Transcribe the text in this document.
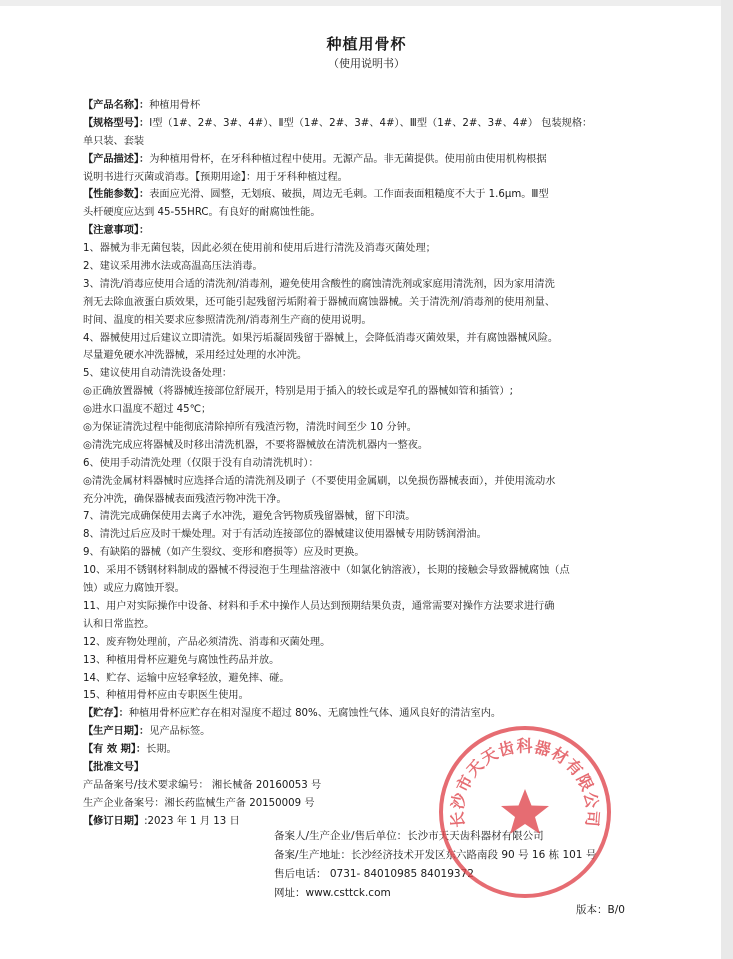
种植用骨杯
（使用说明书）
【产品名称】：种植用骨杯
【规格型号】：Ⅰ型（1#、2#、3#、4#）、Ⅱ型（1#、2#、3#、4#）、Ⅲ型（1#、2#、3#、4#） 包装规格：
单只装、套装
【产品描述】：为种植用骨杯，在牙科种植过程中使用。无源产品。非无菌提供。使用前由使用机构根据
说明书进行灭菌或消毒。【预期用途】：用于牙科种植过程。
【性能参数】：表面应光滑、圆整，无划痕、破损，周边无毛刺。工作面表面粗糙度不大于 1.6μm。Ⅲ型
头杆硬度应达到 45-55HRC。有良好的耐腐蚀性能。
【注意事项】：
1、器械为非无菌包装，因此必须在使用前和使用后进行清洗及消毒灭菌处理；
2、建议采用沸水法或高温高压法消毒。
3、清洗/消毒应使用合适的清洗剂/消毒剂，避免使用含酸性的腐蚀清洗剂或家庭用清洗剂，因为家用清洗
剂无去除血液蛋白质效果，还可能引起残留污垢附着于器械而腐蚀器械。关于清洗剂/消毒剂的使用剂量、
时间、温度的相关要求应参照清洗剂/消毒剂生产商的使用说明。
4、器械使用过后建议立即清洗。如果污垢凝固残留于器械上，会降低消毒灭菌效果，并有腐蚀器械风险。
尽量避免硬水冲洗器械，采用经过处理的水冲洗。
5、建议使用自动清洗设备处理：
◎正确放置器械（将器械连接部位舒展开，特别是用于插入的较长或是窄孔的器械如管和插管）;
◎进水口温度不超过 45℃；
◎为保证清洗过程中能彻底清除掉所有残渣污物，清洗时间至少 10 分钟。
◎清洗完成应将器械及时移出清洗机器，不要将器械放在清洗机器内一整夜。
6、使用手动清洗处理（仅限于没有自动清洗机时）：
◎清洗金属材料器械时应选择合适的清洗剂及刷子（不要使用金属刷，以免损伤器械表面），并使用流动水
充分冲洗，确保器械表面残渣污物冲洗干净。
7、清洗完成确保使用去离子水冲洗，避免含钙物质残留器械，留下印渍。
8、清洗过后应及时干燥处理。对于有活动连接部位的器械建议使用器械专用防锈润滑油。
9、有缺陷的器械（如产生裂纹、变形和磨损等）应及时更换。
10、采用不锈钢材料制成的器械不得浸泡于生理盐溶液中（如氯化钠溶液），长期的接触会导致器械腐蚀（点
蚀）或应力腐蚀开裂。
11、用户对实际操作中设备、材料和手术中操作人员达到预期结果负责，通常需要对操作方法要求进行确
认和日常监控。
12、废弃物处理前，产品必须清洗、消毒和灭菌处理。
13、种植用骨杯应避免与腐蚀性药品并放。
14、贮存、运输中应轻拿轻放，避免摔、碰。
15、种植用骨杯应由专职医生使用。
【贮存】：种植用骨杯应贮存在相对湿度不超过 80%、无腐蚀性气体、通风良好的清洁室内。
【生产日期】：见产品标签。
【有 效 期】：长期。
【批准文号】
产品备案号/技术要求编号： 湘长械备 20160053 号
生产企业备案号：湘长药监械生产备 20150009 号
【修订日期】:2023 年 1 月 13 日
备案人/生产企业/售后单位：长沙市天天齿科器材有限公司
备案/生产地址：长沙经济技术开发区东六路南段 90 号 16 栋 101 号
售后电话： 0731- 84010985 84019372
网址：www.csttck.com
版本：B/0
长沙市天天齿科器材有限公司
